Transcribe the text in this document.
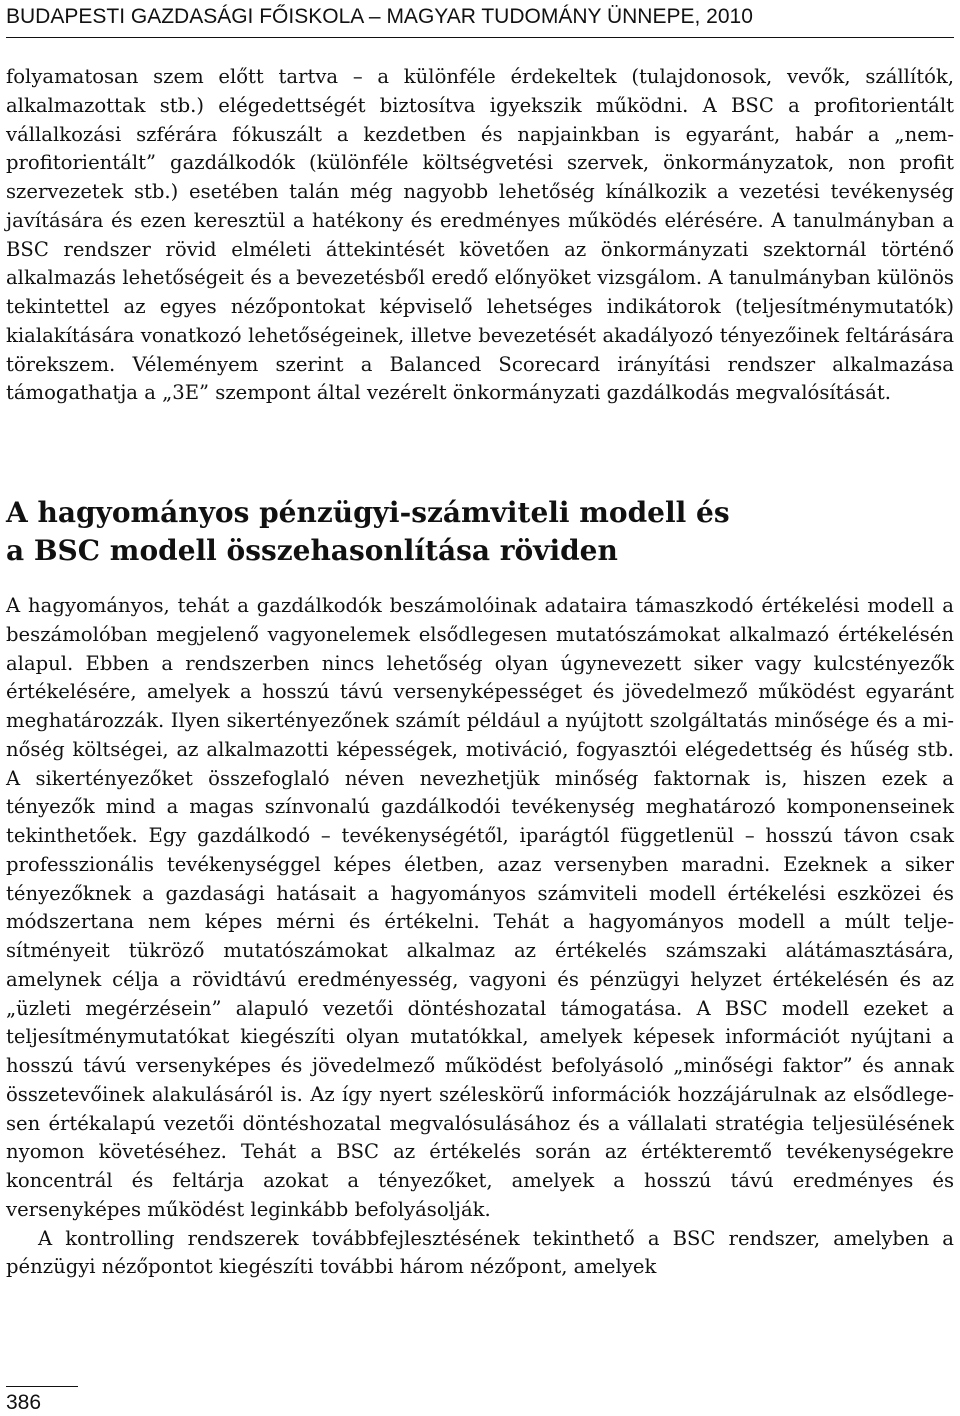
BUDAPESTI GAZDASÁGI FŐISKOLA – MAGYAR TUDOMÁNY ÜNNEPE, 2010

folyamatosan szem előtt tartva – a különféle érdekeltek (tulajdonosok, vevők, szállítók, alkalmazottak stb.) elégedettségét biztosítva igyekszik működni. A BSC a profitorientált vállalkozási szférára fókuszált a kezdetben és napjainkban is egyaránt, habár a „nem-profitorientált” gazdálkodók (különféle költségvetési szervek, önkormányzatok, non profit szervezetek stb.) esetében talán még nagyobb lehetőség kínálkozik a vezetési tevékenység javítására és ezen keresztül a hatékony és eredményes működés elérésére. A tanulmányban a BSC rendszer rövid elméleti áttekintését követően az önkormányzati szektornál történő alkalmazás lehetőségeit és a bevezetésből eredő előnyöket vizsgálom. A tanulmányban különös tekintettel az egyes nézőpontokat képviselő lehetséges indikátorok (teljesítménymutatók) kialakítására vonatkozó lehetőségeinek, illetve bevezetését akadályozó tényezőinek feltárására törekszem. Véleményem szerint a Balanced Scorecard irányítási rendszer alkalmazása támogathatja a „3E” szempont által vezérelt önkormányzati gazdálkodás megvalósítását.

A hagyományos pénzügyi-számviteli modell és
a BSC modell összehasonlítása röviden

A hagyományos, tehát a gazdálkodók beszámolóinak adataira támaszkodó értékelési modell a beszámolóban megjelenő vagyonelemek elsődlegesen mutatószámokat alkalmazó értékelésén alapul. Ebben a rendszerben nincs lehetőség olyan úgynevezett siker vagy kulcstényezők értékelésére, amelyek a hosszú távú versenyképességet és jövedelmező működést egyaránt meghatározzák. Ilyen sikertényezőnek számít például a nyújtott szolgáltatás minősége és a minőség költségei, az alkalmazotti képességek, motiváció, fogyasztói elégedettség és hűség stb. A sikertényezőket összefoglaló néven nevezhetjük minőség faktornak is, hiszen ezek a tényezők mind a magas színvonalú gazdálkodói tevékenység meghatározó komponenseinek tekinthetőek. Egy gazdálkodó – tevékenységétől, iparágtól függetlenül – hosszú távon csak professzionális tevékenységgel képes életben, azaz versenyben maradni. Ezeknek a siker tényezőknek a gazdasági hatásait a hagyományos számviteli modell értékelési eszközei és módszertana nem képes mérni és értékelni. Tehát a hagyományos modell a múlt teljesítményeit tükröző mutatószámokat alkalmaz az értékelés számszaki alátámasztására, amelynek célja a rövidtávú eredményesség, vagyoni és pénzügyi helyzet értékelésén és az „üzleti megérzésein” alapuló vezetői döntéshozatal támogatása. A BSC modell ezeket a teljesítménymutatókat kiegészíti olyan mutatókkal, amelyek képesek információt nyújtani a hosszú távú versenyképes és jövedelmező működést befolyásoló „minőségi faktor” és annak összetevőinek alakulásáról is. Az így nyert széleskörű információk hozzájárulnak az elsődlegesen értékalapú vezetői döntéshozatal megvalósulásához és a vállalati stratégia teljesülésének nyomon követéséhez. Tehát a BSC az értékelés során az értékteremtő tevékenységekre koncentrál és feltárja azokat a tényezőket, amelyek a hosszú távú eredményes és versenyképes működést leginkább befolyásolják.

A kontrolling rendszerek továbbfejlesztésének tekinthető a BSC rendszer, amelyben a pénzügyi nézőpontot kiegészíti további három nézőpont, amelyek

386
